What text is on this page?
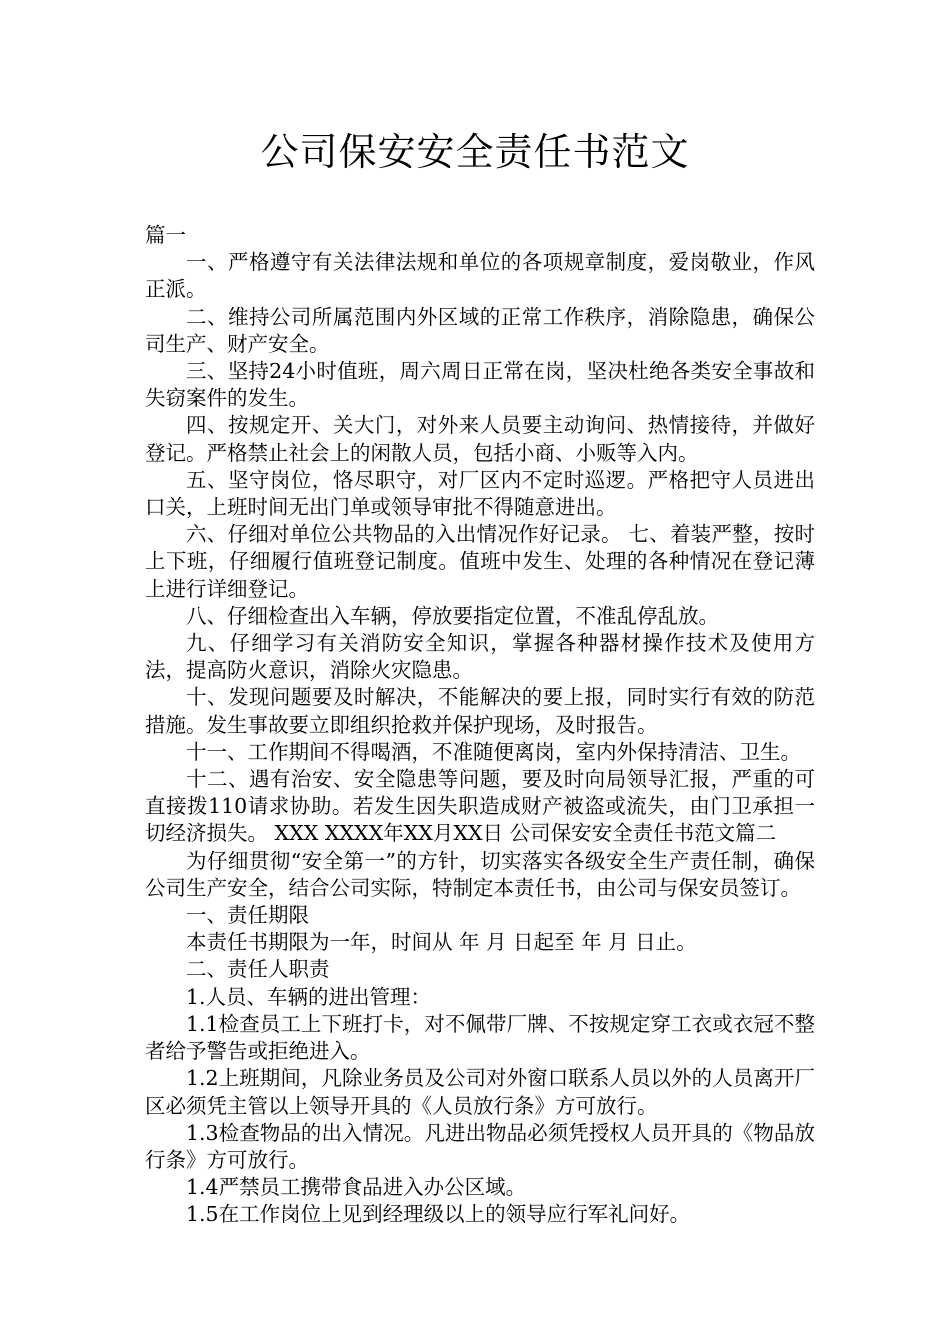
公司保安安全责任书范文

篇一

一、严格遵守有关法律法规和单位的各项规章制度，爱岗敬业，作风正派。

二、维持公司所属范围内外区域的正常工作秩序，消除隐患，确保公司生产、财产安全。

三、坚持24小时值班，周六周日正常在岗，坚决杜绝各类安全事故和失窃案件的发生。

四、按规定开、关大门，对外来人员要主动询问、热情接待，并做好登记。严格禁止社会上的闲散人员，包括小商、小贩等入内。

五、坚守岗位，恪尽职守，对厂区内不定时巡逻。严格把守人员进出口关，上班时间无出门单或领导审批不得随意进出。

六、仔细对单位公共物品的入出情况作好记录。 七、着装严整，按时上下班，仔细履行值班登记制度。值班中发生、处理的各种情况在登记薄上进行详细登记。

八、仔细检查出入车辆，停放要指定位置，不准乱停乱放。

九、仔细学习有关消防安全知识，掌握各种器材操作技术及使用方法，提高防火意识，消除火灾隐患。

十、发现问题要及时解决，不能解决的要上报，同时实行有效的防范措施。发生事故要立即组织抢救并保护现场，及时报告。

十一、工作期间不得喝酒，不准随便离岗，室内外保持清洁、卫生。

十二、遇有治安、安全隐患等问题，要及时向局领导汇报，严重的可直接拨110请求协助。若发生因失职造成财产被盗或流失，由门卫承担一切经济损失。 XXX XXXX年XX月XX日 公司保安安全责任书范文篇二

为仔细贯彻“安全第一”的方针，切实落实各级安全生产责任制，确保公司生产安全，结合公司实际，特制定本责任书，由公司与保安员签订。

一、责任期限

本责任书期限为一年，时间从 年 月 日起至 年 月 日止。

二、责任人职责

1.人员、车辆的进出管理：

1.1检查员工上下班打卡，对不佩带厂牌、不按规定穿工衣或衣冠不整者给予警告或拒绝进入。

1.2上班期间，凡除业务员及公司对外窗口联系人员以外的人员离开厂区必须凭主管以上领导开具的《人员放行条》方可放行。

1.3检查物品的出入情况。凡进出物品必须凭授权人员开具的《物品放行条》方可放行。

1.4严禁员工携带食品进入办公区域。

1.5在工作岗位上见到经理级以上的领导应行军礼问好。
